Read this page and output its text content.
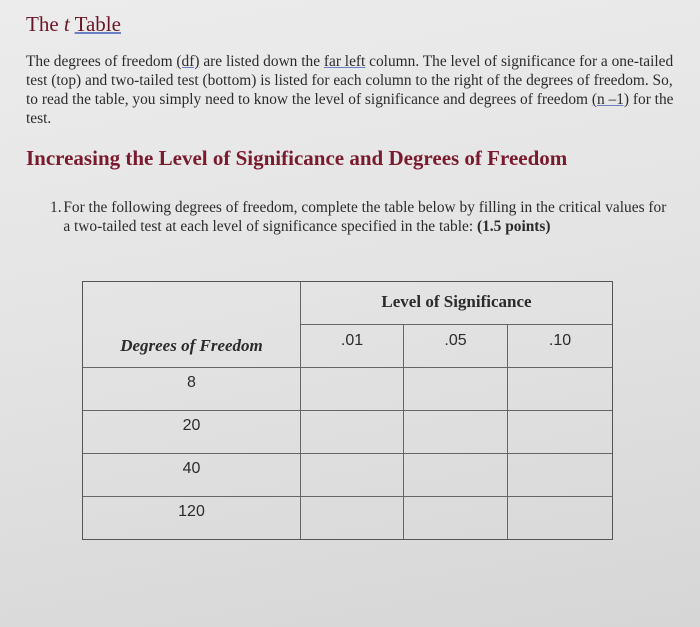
The t Table
The degrees of freedom (df) are listed down the far left column. The level of significance for a one-tailed test (top) and two-tailed test (bottom) is listed for each column to the right of the degrees of freedom. So, to read the table, you simply need to know the level of significance and degrees of freedom (n –1) for the test.
Increasing the Level of Significance and Degrees of Freedom
1. For the following degrees of freedom, complete the table below by filling in the critical values for a two-tailed test at each level of significance specified in the table: (1.5 points)
Level of Significance
Degrees of Freedom	.01	.05	.10
8
20
40
120
